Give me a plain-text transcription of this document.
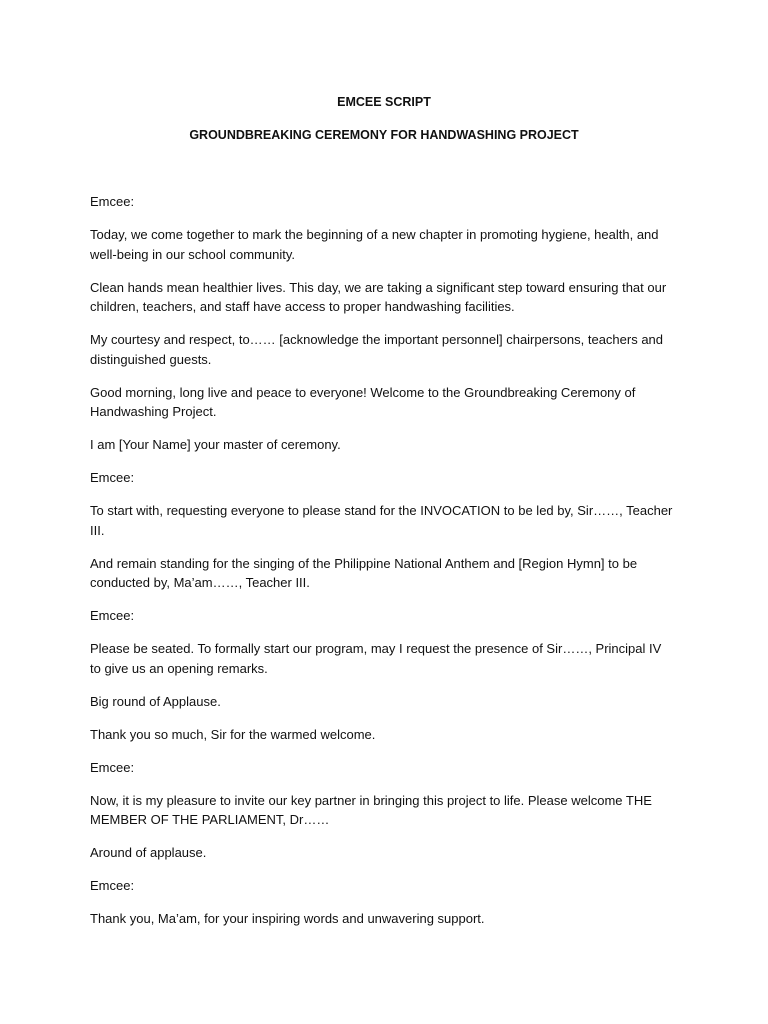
EMCEE SCRIPT
GROUNDBREAKING CEREMONY FOR HANDWASHING PROJECT

Emcee:

Today, we come together to mark the beginning of a new chapter in promoting hygiene, health, and well-being in our school community.

Clean hands mean healthier lives. This day, we are taking a significant step toward ensuring that our children, teachers, and staff have access to proper handwashing facilities.

My courtesy and respect, to…… [acknowledge the important personnel] chairpersons, teachers and distinguished guests.

Good morning, long live and peace to everyone! Welcome to the Groundbreaking Ceremony of Handwashing Project.

I am [Your Name] your master of ceremony.

Emcee:

To start with, requesting everyone to please stand for the INVOCATION to be led by, Sir……, Teacher III.

And remain standing for the singing of the Philippine National Anthem and [Region Hymn] to be conducted by, Ma’am……, Teacher III.

Emcee:

Please be seated. To formally start our program, may I request the presence of Sir……, Principal IV to give us an opening remarks.

Big round of Applause.

Thank you so much, Sir for the warmed welcome.

Emcee:

Now, it is my pleasure to invite our key partner in bringing this project to life. Please welcome THE MEMBER OF THE PARLIAMENT, Dr……

Around of applause.

Emcee:

Thank you, Ma’am, for your inspiring words and unwavering support.
